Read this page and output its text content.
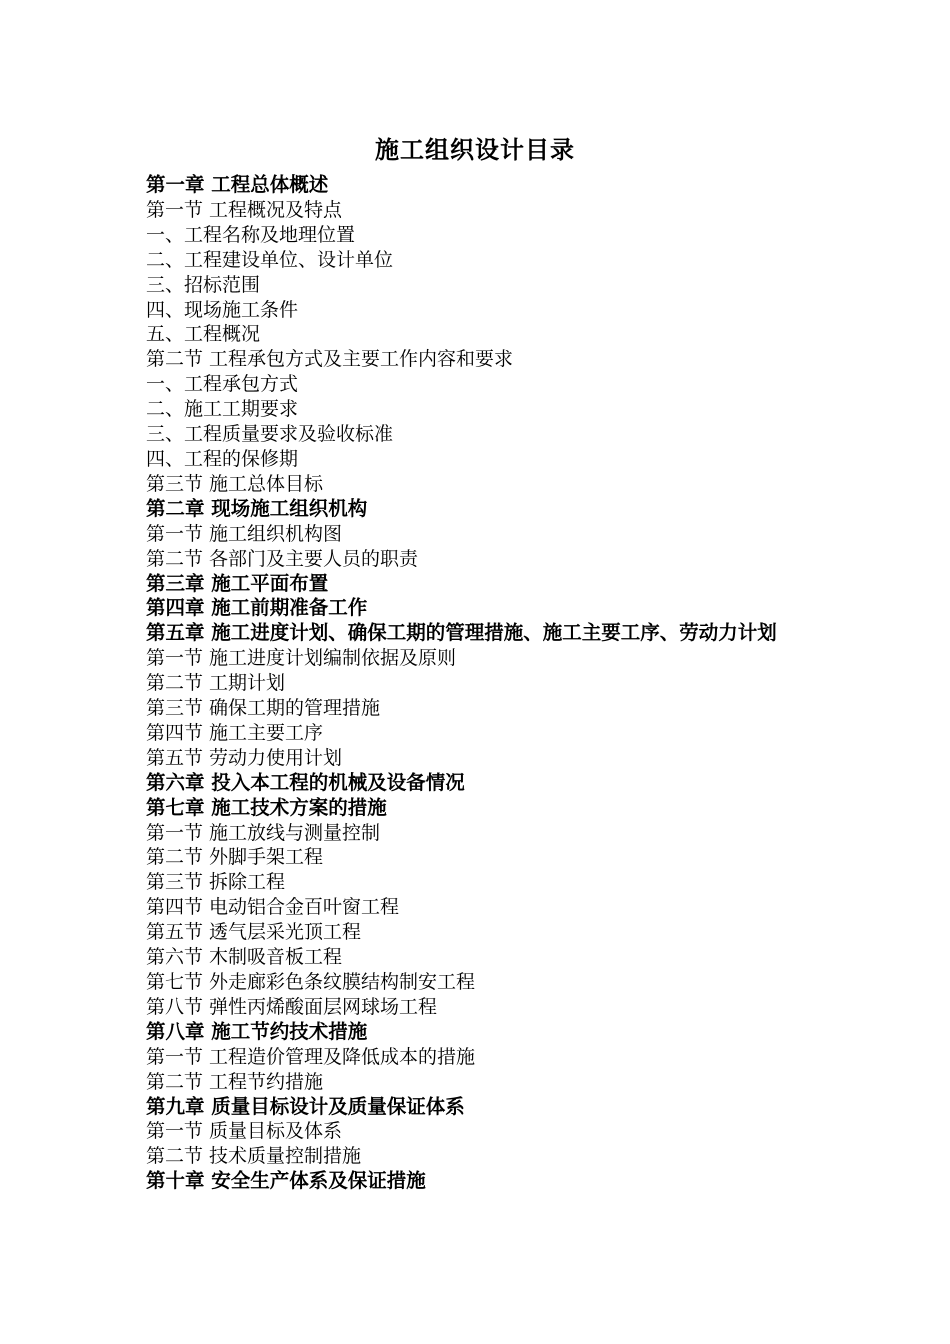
施工组织设计目录
第一章 工程总体概述
第一节 工程概况及特点
一、工程名称及地理位置
二、工程建设单位、设计单位
三、招标范围
四、现场施工条件
五、工程概况
第二节 工程承包方式及主要工作内容和要求
一、工程承包方式
二、施工工期要求
三、工程质量要求及验收标准
四、工程的保修期
第三节 施工总体目标
第二章 现场施工组织机构
第一节 施工组织机构图
第二节 各部门及主要人员的职责
第三章 施工平面布置
第四章 施工前期准备工作
第五章 施工进度计划、确保工期的管理措施、施工主要工序、劳动力计划
第一节 施工进度计划编制依据及原则
第二节 工期计划
第三节 确保工期的管理措施
第四节 施工主要工序
第五节 劳动力使用计划
第六章 投入本工程的机械及设备情况
第七章 施工技术方案的措施
第一节 施工放线与测量控制
第二节 外脚手架工程
第三节 拆除工程
第四节 电动铝合金百叶窗工程
第五节 透气层采光顶工程
第六节 木制吸音板工程
第七节 外走廊彩色条纹膜结构制安工程
第八节 弹性丙烯酸面层网球场工程
第八章 施工节约技术措施
第一节 工程造价管理及降低成本的措施
第二节 工程节约措施
第九章 质量目标设计及质量保证体系
第一节 质量目标及体系
第二节 技术质量控制措施
第十章 安全生产体系及保证措施
